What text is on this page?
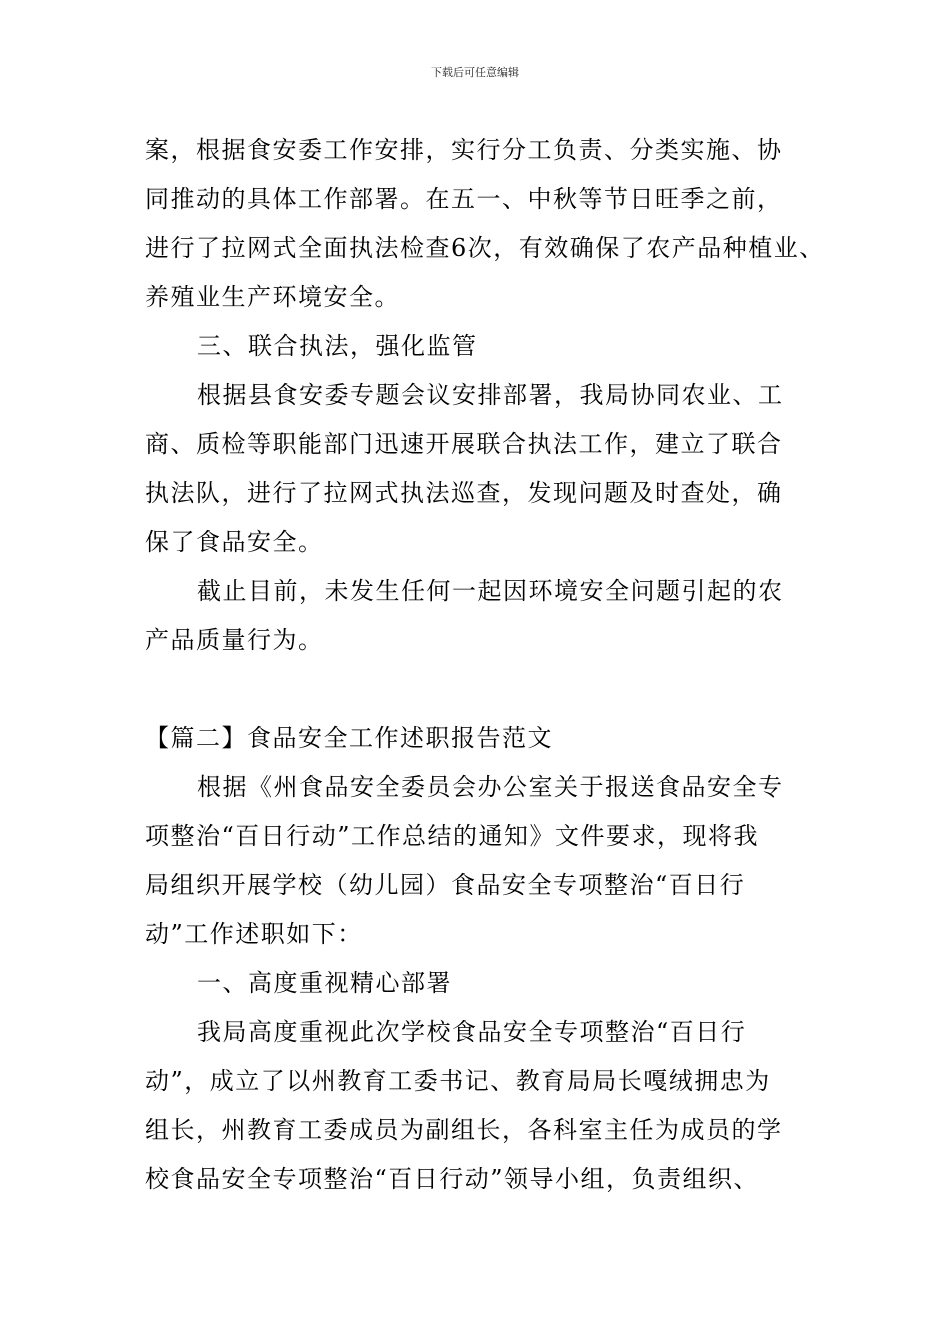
下载后可任意编辑
案，根据食安委工作安排，实行分工负责、分类实施、协
同推动的具体工作部署。在五一、中秋等节日旺季之前，
进行了拉网式全面执法检查6次，有效确保了农产品种植业、
养殖业生产环境安全。
三、联合执法，强化监管
根据县食安委专题会议安排部署，我局协同农业、工
商、质检等职能部门迅速开展联合执法工作，建立了联合
执法队，进行了拉网式执法巡查，发现问题及时查处，确
保了食品安全。
截止目前，未发生任何一起因环境安全问题引起的农
产品质量行为。
【篇二】食品安全工作述职报告范文
根据《州食品安全委员会办公室关于报送食品安全专
项整治“百日行动”工作总结的通知》文件要求，现将我
局组织开展学校（幼儿园）食品安全专项整治“百日行
动”工作述职如下：
一、高度重视精心部署
我局高度重视此次学校食品安全专项整治“百日行
动”，成立了以州教育工委书记、教育局局长嘎绒拥忠为
组长，州教育工委成员为副组长，各科室主任为成员的学
校食品安全专项整治“百日行动”领导小组，负责组织、
